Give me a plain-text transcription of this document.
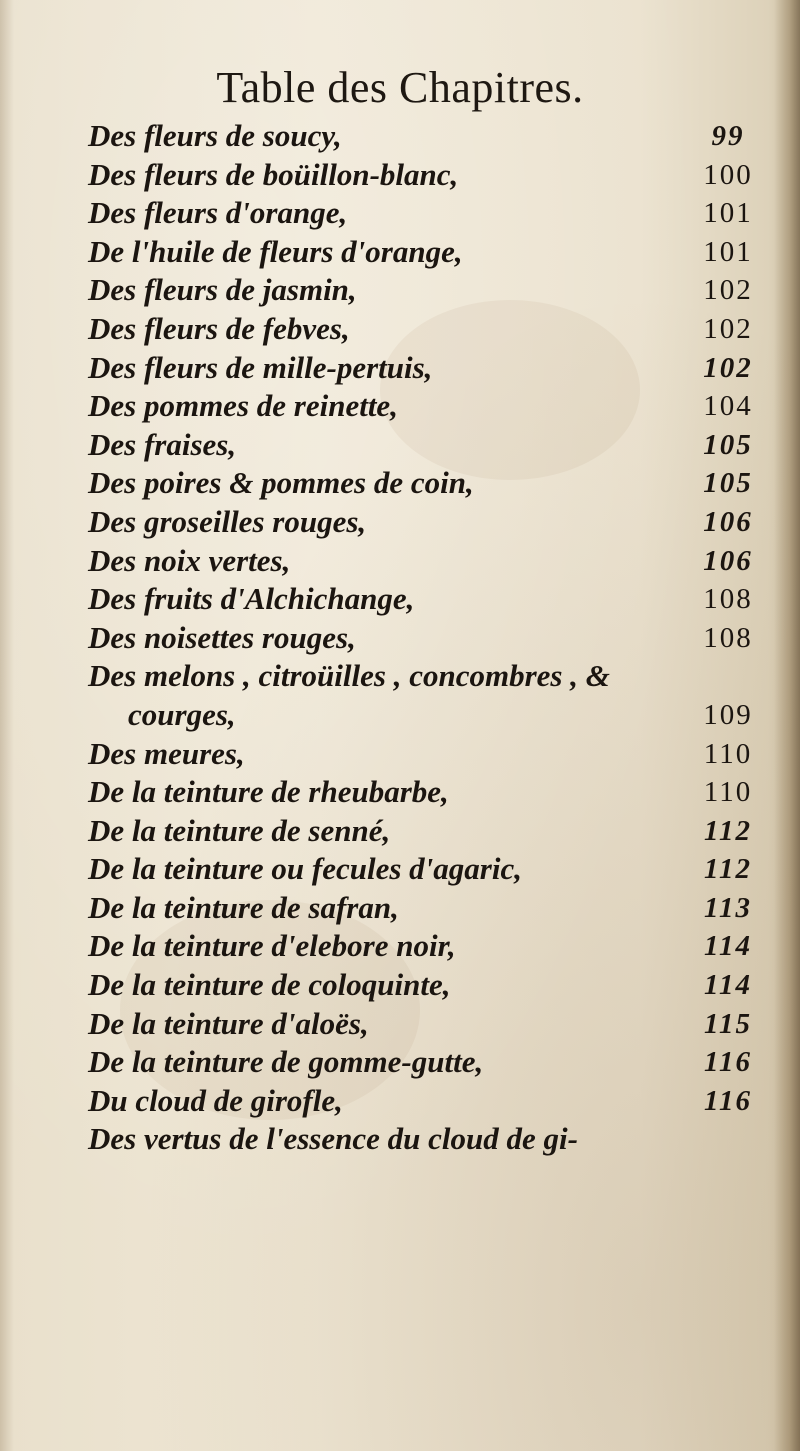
Table des Chapitres.
Des fleurs de soucy,	99
Des fleurs de boüillon-blanc,	100
Des fleurs d'orange,	101
De l'huile de fleurs d'orange,	101
Des fleurs de jasmin,	102
Des fleurs de febves,	102
Des fleurs de mille-pertuis,	102
Des pommes de reinette,	104
Des fraises,	105
Des poires & pommes de coin,	105
Des groseilles rouges,	106
Des noix vertes,	106
Des fruits d'Alchichange,	108
Des noisettes rouges,	108
Des melons , citroüilles , concombres , &
courges,	109
Des meures,	110
De la teinture de rheubarbe,	110
De la teinture de senné,	112
De la teinture ou fecules d'agaric,	112
De la teinture de safran,	113
De la teinture d'elebore noir,	114
De la teinture de coloquinte,	114
De la teinture d'aloës,	115
De la teinture de gomme-gutte,	116
Du cloud de girofle,	116
Des vertus de l'essence du cloud de gi-
